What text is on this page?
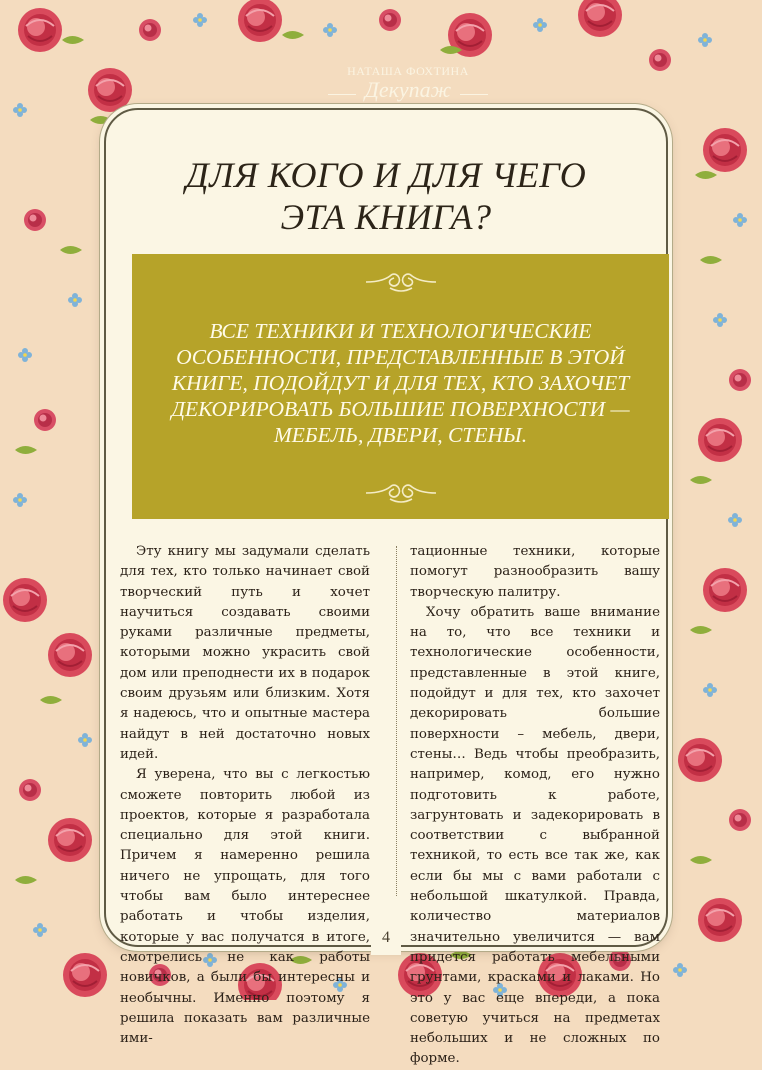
НАТАША ФОХТИНА
Декупаж
ДЛЯ КОГО И ДЛЯ ЧЕГО
ЭТА КНИГА?
ВСЕ ТЕХНИКИ И ТЕХНОЛОГИЧЕСКИЕ ОСОБЕННОСТИ, ПРЕДСТАВЛЕННЫЕ В ЭТОЙ КНИГЕ, ПОДОЙДУТ И ДЛЯ ТЕХ, КТО ЗАХОЧЕТ ДЕКОРИРОВАТЬ БОЛЬШИЕ ПОВЕРХНОСТИ — МЕБЕЛЬ, ДВЕРИ, СТЕНЫ.

Эту книгу мы задумали сделать для тех, кто только начинает свой творческий путь и хочет научиться создавать своими руками различные предметы, которыми можно украсить свой дом или преподнести их в подарок своим друзьям или близким. Хотя я надеюсь, что и опытные мастера найдут в ней достаточно новых идей.

Я уверена, что вы с легкостью сможете повторить любой из проектов, которые я разработала специально для этой книги. Причем я намеренно решила ничего не упрощать, для того чтобы вам было интереснее работать и чтобы изделия, которые у вас получатся в итоге, смотрелись не как работы новичков, а были бы интересны и необычны. Именно поэтому я решила показать вам различные ими-

тационные техники, которые помогут разнообразить вашу творческую палитру.

Хочу обратить ваше внимание на то, что все техники и технологические особенности, представленные в этой книге, подойдут и для тех, кто захочет декорировать большие поверхности – мебель, двери, стены… Ведь чтобы преобразить, например, комод, его нужно подготовить к работе, загрунтовать и задекорировать в соответствии с выбранной техникой, то есть все так же, как если бы мы с вами работали с небольшой шкатулкой. Правда, количество материалов значительно увеличится — вам придется работать мебельными грунтами, красками и лаками. Но это у вас еще впереди, а пока советую учиться на предметах небольших и не сложных по форме.

4
